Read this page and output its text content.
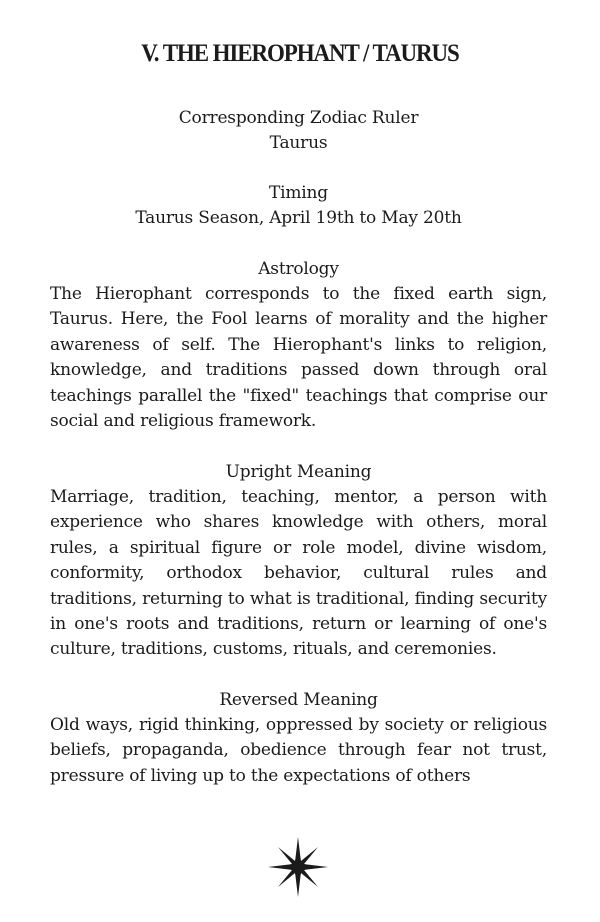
V. THE HIEROPHANT / TAURUS
Corresponding Zodiac Ruler
Taurus
Timing
Taurus Season, April 19th to May 20th
Astrology
The Hierophant corresponds to the fixed earth sign, Taurus. Here, the Fool learns of morality and the higher awareness of self. The Hierophant's links to religion, knowledge, and traditions passed down through oral teachings parallel the "fixed" teachings that comprise our social and religious framework.
Upright Meaning
Marriage, tradition, teaching, mentor, a person with experience who shares knowledge with others, moral rules, a spiritual figure or role model, divine wisdom, conformity, orthodox behavior, cultural rules and traditions, returning to what is traditional, finding security in one's roots and traditions, return or learning of one's culture, traditions, customs, rituals, and ceremonies.
Reversed Meaning
Old ways, rigid thinking, oppressed by society or religious beliefs, propaganda, obedience through fear not trust, pressure of living up to the expectations of others
